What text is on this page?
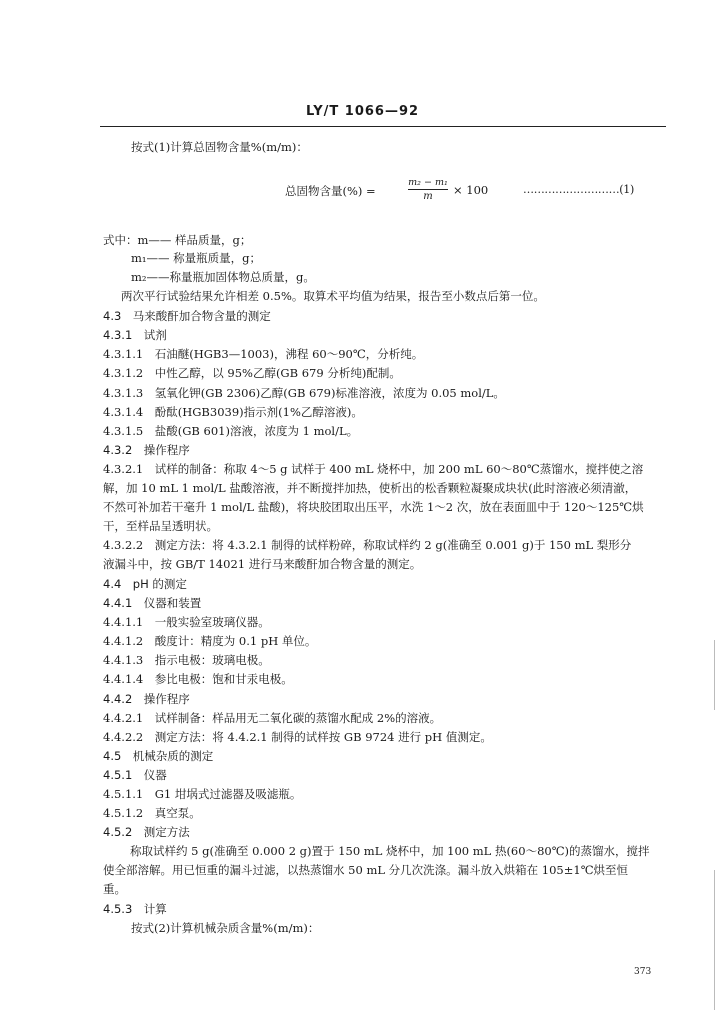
LY/T 1066—92
按式(1)计算总固物含量%(m/m)：
总固物含量(%) =
m₂ − m₁
m	× 100	………………………(1)
式中：m—— 样品质量，g；
m₁—— 称量瓶质量，g；
m₂——称量瓶加固体物总质量，g。
两次平行试验结果允许相差 0.5%。取算术平均值为结果，报告至小数点后第一位。
4.3　马来酸酐加合物含量的测定
4.3.1　试剂
4.3.1.1　石油醚(HGB3—1003)，沸程 60～90℃，分析纯。
4.3.1.2　中性乙醇，以 95%乙醇(GB 679 分析纯)配制。
4.3.1.3　氢氧化钾(GB 2306)乙醇(GB 679)标准溶液，浓度为 0.05 mol/L。
4.3.1.4　酚酞(HGB3039)指示剂(1%乙醇溶液)。
4.3.1.5　盐酸(GB 601)溶液，浓度为 1 mol/L。
4.3.2　操作程序
4.3.2.1　试样的制备：称取 4～5 g 试样于 400 mL 烧杯中，加 200 mL 60～80℃蒸馏水，搅拌使之溶
解，加 10 mL 1 mol/L 盐酸溶液，并不断搅拌加热，使析出的松香颗粒凝聚成块状(此时溶液必须清澈，
不然可补加若干毫升 1 mol/L 盐酸)，将块胶团取出压平，水洗 1～2 次，放在表面皿中于 120～125℃烘
干，至样品呈透明状。
4.3.2.2　测定方法：将 4.3.2.1 制得的试样粉碎，称取试样约 2 g(准确至 0.001 g)于 150 mL 梨形分
液漏斗中，按 GB/T 14021 进行马来酸酐加合物含量的测定。
4.4　pH 的测定
4.4.1　仪器和装置
4.4.1.1　一般实验室玻璃仪器。
4.4.1.2　酸度计：精度为 0.1 pH 单位。
4.4.1.3　指示电极：玻璃电极。
4.4.1.4　参比电极：饱和甘汞电极。
4.4.2　操作程序
4.4.2.1　试样制备：样品用无二氧化碳的蒸馏水配成 2%的溶液。
4.4.2.2　测定方法：将 4.4.2.1 制得的试样按 GB 9724 进行 pH 值测定。
4.5　机械杂质的测定
4.5.1　仪器
4.5.1.1　G1 坩埚式过滤器及吸滤瓶。
4.5.1.2　真空泵。
4.5.2　测定方法
称取试样约 5 g(准确至 0.000 2 g)置于 150 mL 烧杯中，加 100 mL 热(60～80℃)的蒸馏水，搅拌
使全部溶解。用已恒重的漏斗过滤，以热蒸馏水 50 mL 分几次洗涤。漏斗放入烘箱在 105±1℃烘至恒
重。
4.5.3　计算
按式(2)计算机械杂质含量%(m/m)：
373
